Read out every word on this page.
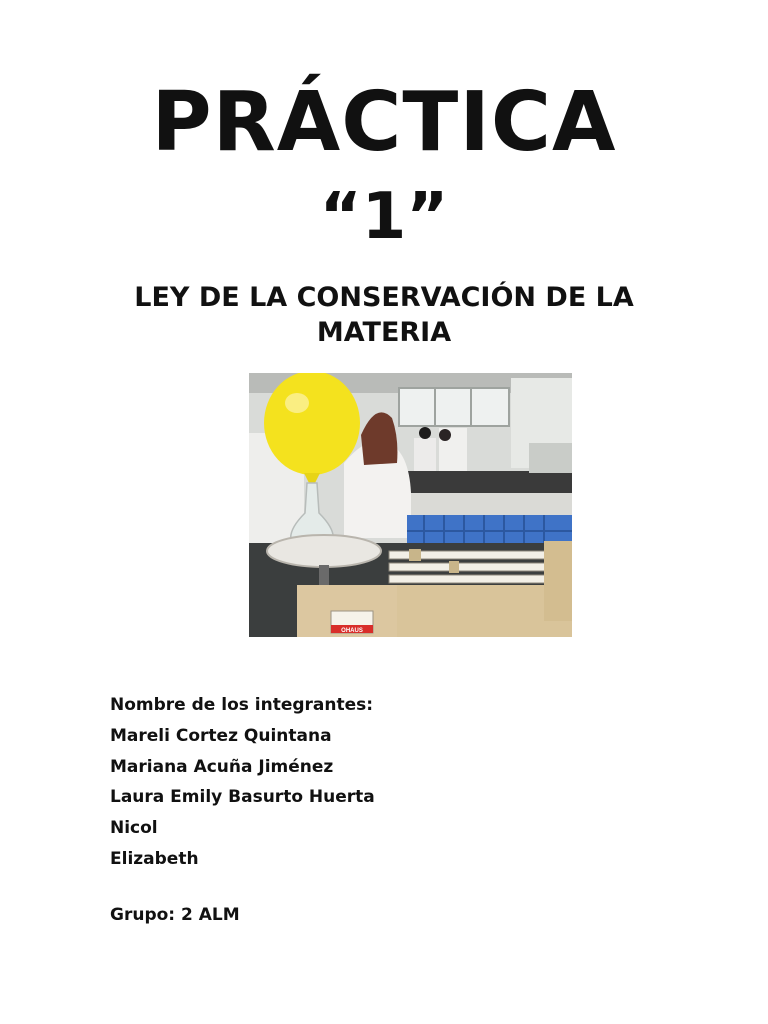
PRÁCTICA
“1”
LEY DE LA CONSERVACIÓN DE LA MATERIA
OHAUS
Nombre de los integrantes:
Mareli Cortez Quintana
Mariana Acuña Jiménez
Laura Emily Basurto Huerta
Nicol
Elizabeth
Grupo: 2 ALM
